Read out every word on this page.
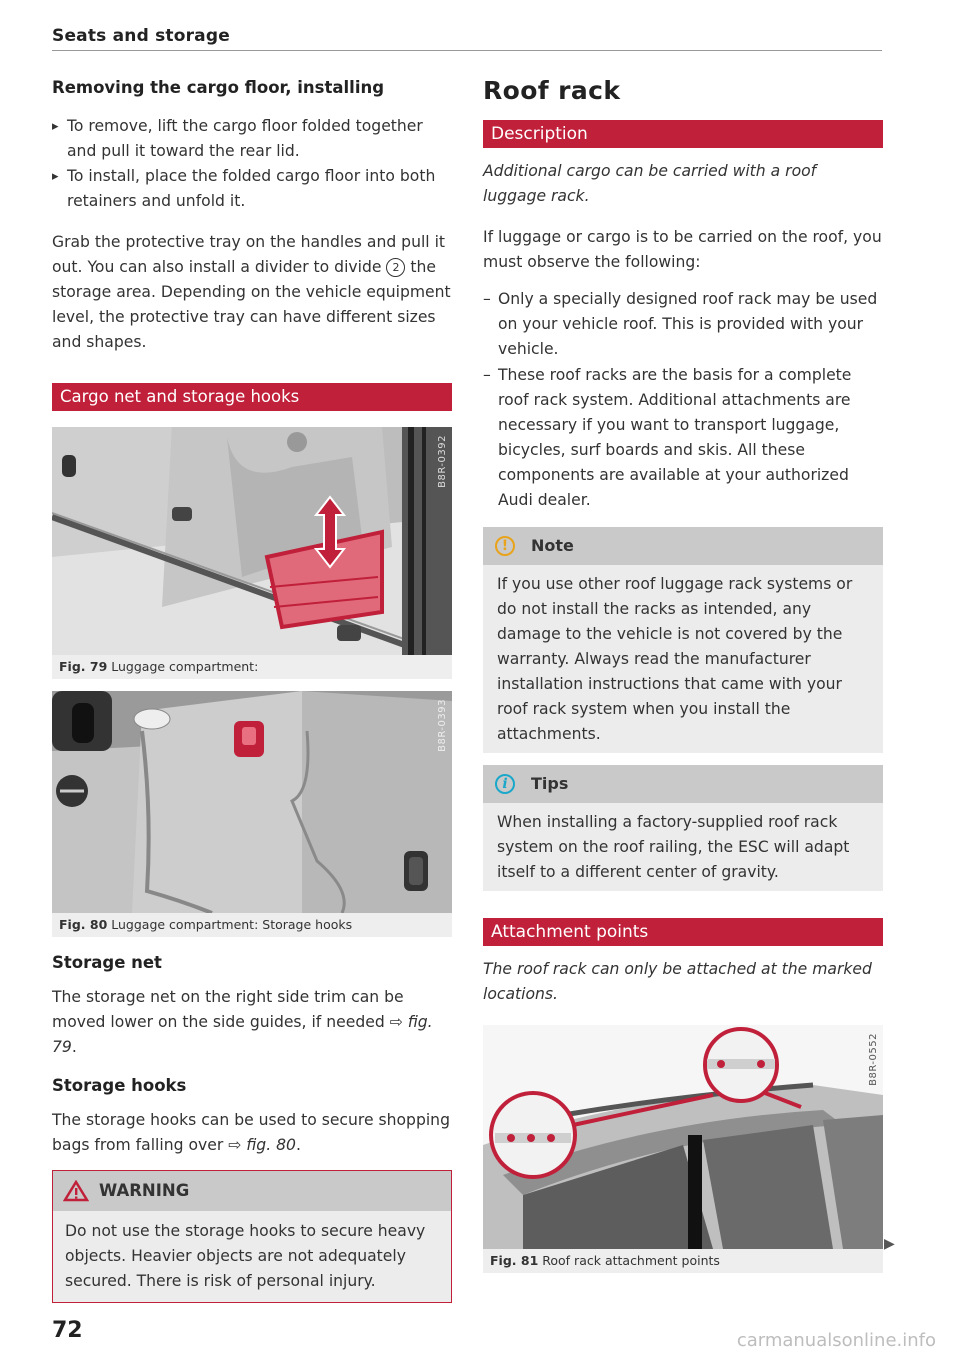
Seats and storage
Removing the cargo floor, installing

▸ To remove, lift the cargo floor folded together and pull it toward the rear lid.

▸ To install, place the folded cargo floor into both retainers and unfold it.

Grab the protective tray on the handles and pull it out. You can also install a divider to divide 2 the storage area. Depending on the vehicle equipment level, the protective tray can have different sizes and shapes.

Cargo net and storage hooks
B8R-0392
Fig. 79 Luggage compartment:
B8R-0393
Fig. 80 Luggage compartment: Storage hooks
Storage net

The storage net on the right side trim can be moved lower on the side guides, if needed ⇨ fig. 79.

Storage hooks

The storage hooks can be used to secure shopping bags from falling over ⇨ fig. 80.

WARNING

Do not use the storage hooks to secure heavy objects. Heavier objects are not adequately secured. There is risk of personal injury.

Roof rack
Description

Additional cargo can be carried with a roof luggage rack.

If luggage or cargo is to be carried on the roof, you must observe the following:

– Only a specially designed roof rack may be used on your vehicle roof. This is provided with your vehicle.

– These roof racks are the basis for a complete roof rack system. Additional attachments are necessary if you want to transport luggage, bicycles, surf boards and skis. All these components are available at your authorized Audi dealer.

!	Note

If you use other roof luggage rack systems or do not install the racks as intended, any damage to the vehicle is not covered by the warranty. Always read the manufacturer installation instructions that came with your roof rack system when you install the attachments.

i	Tips

When installing a factory-supplied roof rack system on the roof railing, the ESC will adapt itself to a different center of gravity.

Attachment points

The roof rack can only be attached at the marked locations.

B8R-0552
Fig. 81 Roof rack attachment points
▶
72	carmanualsonline.info
